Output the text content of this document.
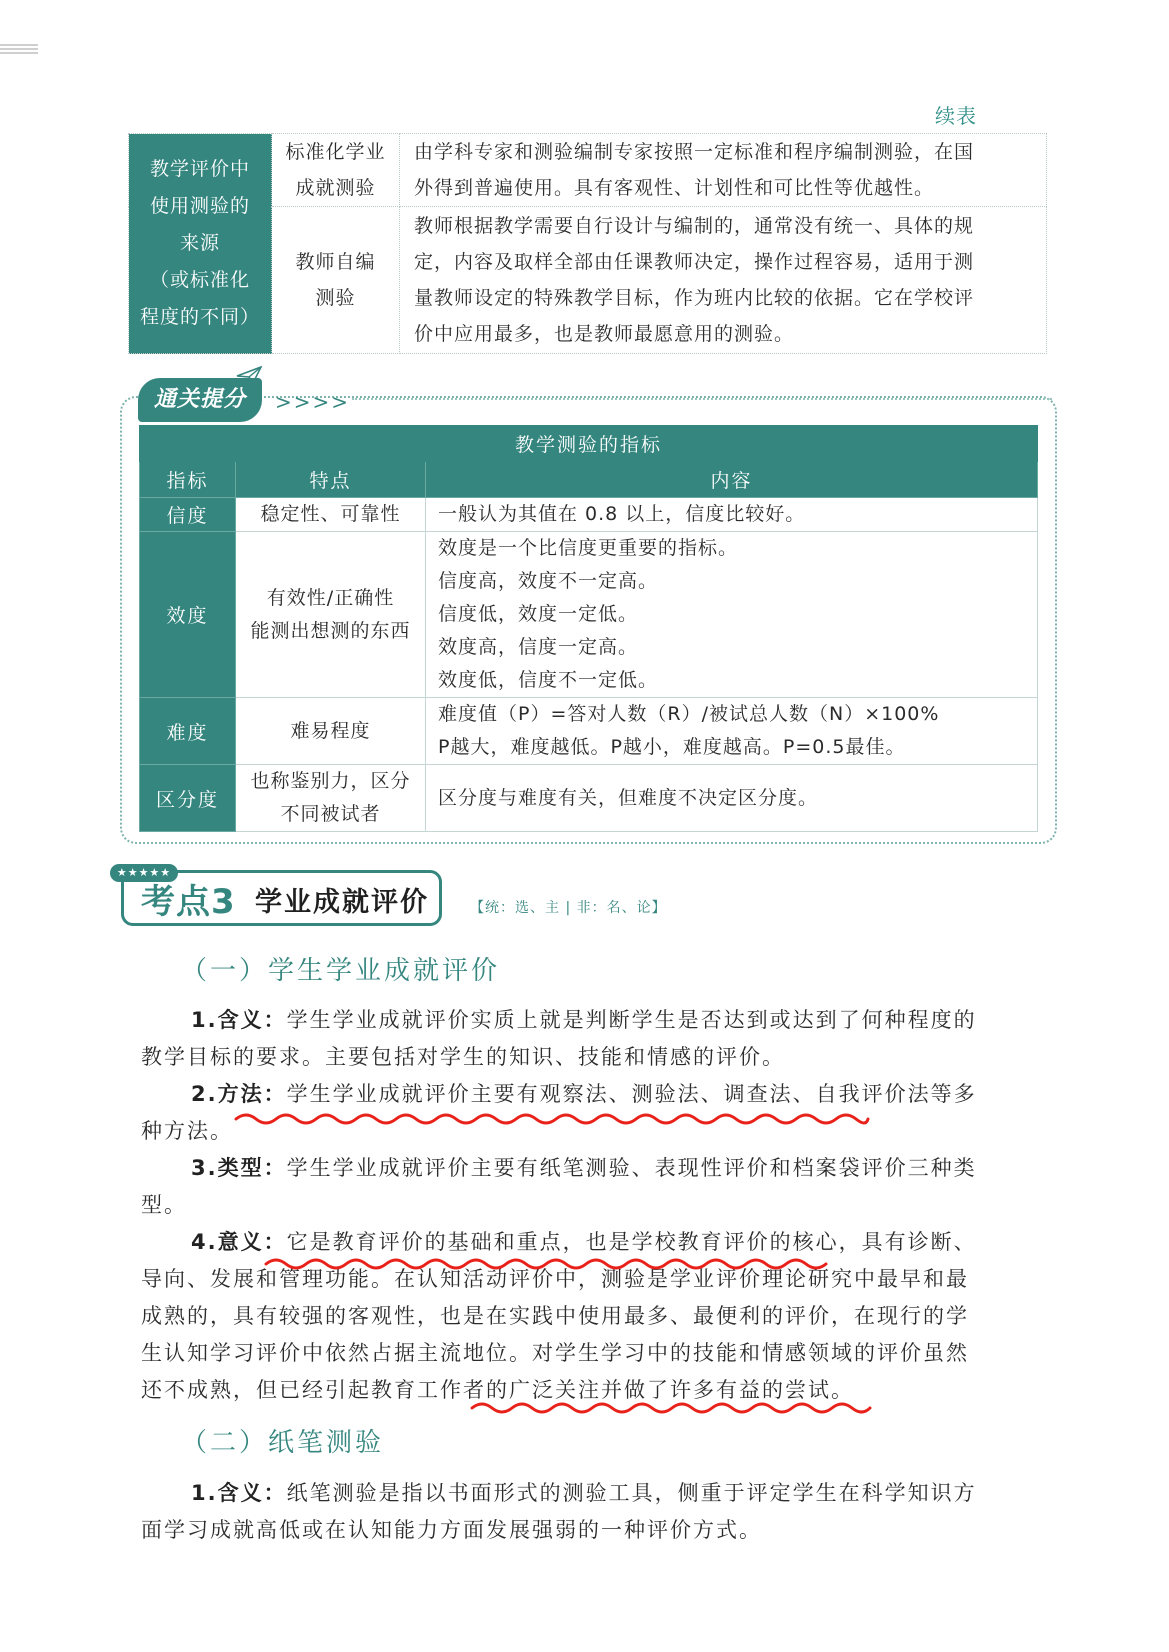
续表
教学评价中
使用测验的
来源
（或标准化
程度的不同）	标准化学业
成就测验	由学科专家和测验编制专家按照一定标准和程序编制测验，在国
外得到普遍使用。具有客观性、计划性和可比性等优越性。

	教师自编
测验	教师根据教学需要自行设计与编制的，通常没有统一、具体的规
定，内容及取样全部由任课教师决定，操作过程容易，适用于测
量教师设定的特殊教学目标，作为班内比较的依据。它在学校评
价中应用最多，也是教师最愿意用的测验。
通关提分	>>>>
教学测验的指标		
指标	特点	内容
信度	稳定性、可靠性	一般认为其值在 0.8 以上，信度比较好。

效度	有效性/正确性
能测出想测的东西	效度是一个比信度更重要的指标。
信度高，效度不一定高。
信度低，效度一定低。
效度高，信度一定高。
效度低，信度不一定低。

难度	难易程度	难度值（P）=答对人数（R）/被试总人数（N）×100%
P越大，难度越低。P越小，难度越高。P=0.5最佳。

区分度	也称鉴别力，区分
不同被试者	区分度与难度有关，但难度不决定区分度。
★★★★★
考点3 学业成就评价	【统：选、主 | 非：名、论】
（一）学生学业成就评价
1.含义：学生学业成就评价实质上就是判断学生是否达到或达到了何种程度的
教学目标的要求。主要包括对学生的知识、技能和情感的评价。
2.方法：学生学业成就评价主要有观察法、测验法、调查法、自我评价法等多
种方法。
3.类型：学生学业成就评价主要有纸笔测验、表现性评价和档案袋评价三种类
型。
4.意义：它是教育评价的基础和重点，也是学校教育评价的核心，具有诊断、
导向、发展和管理功能。在认知活动评价中，测验是学业评价理论研究中最早和最
成熟的，具有较强的客观性，也是在实践中使用最多、最便利的评价，在现行的学
生认知学习评价中依然占据主流地位。对学生学习中的技能和情感领域的评价虽然
还不成熟，但已经引起教育工作者的广泛关注并做了许多有益的尝试。
（二）纸笔测验
1.含义：纸笔测验是指以书面形式的测验工具，侧重于评定学生在科学知识方
面学习成就高低或在认知能力方面发展强弱的一种评价方式。
